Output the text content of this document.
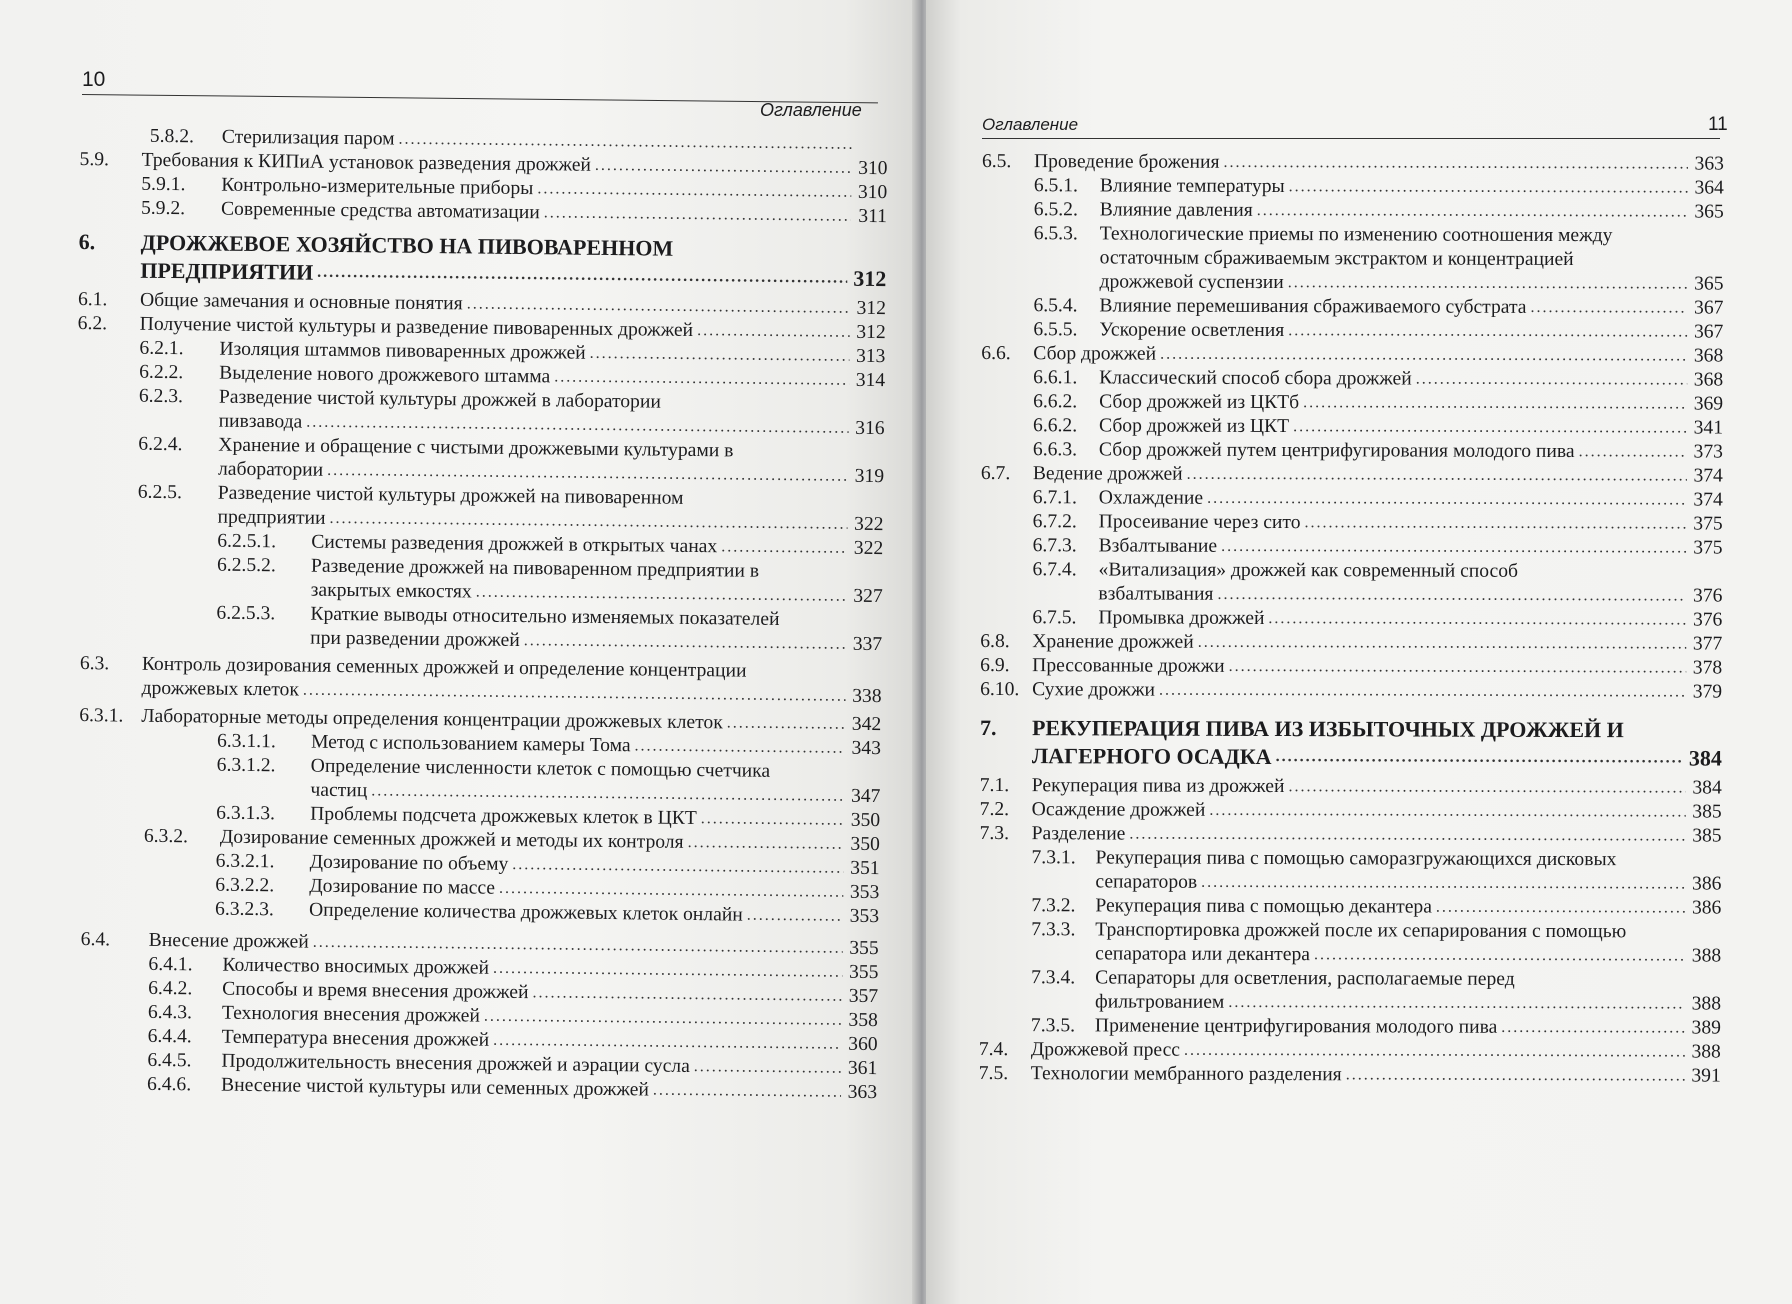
10
Оглавление
5.8.2.	Стерилизация паром . . .
5.9.	Требования к КИПиА установок разведения дрожжей . . .	310
5.9.1.	Контрольно-измерительные приборы . . .	310
5.9.2.	Современные средства автоматизации . . .	311
6.	ДРОЖЖЕВОЕ ХОЗЯЙСТВО НА ПИВОВАРЕННОМ ПРЕДПРИЯТИИ . . .	312
6.1.	Общие замечания и основные понятия . . .	312
6.2.	Получение чистой культуры и разведение пивоваренных дрожжей . . .	312
6.2.1.	Изоляция штаммов пивоваренных дрожжей . . .	313
6.2.2.	Выделение нового дрожжевого штамма . . .	314
6.2.3.	Разведение чистой культуры дрожжей в лаборатории пивзавода . . .	316
6.2.4.	Хранение и обращение с чистыми дрожжевыми культурами в лаборатории . . .	319
6.2.5.	Разведение чистой культуры дрожжей на пивоваренном предприятии . . .	322
6.2.5.1.	Системы разведения дрожжей в открытых чанах . . .	322
6.2.5.2.	Разведение дрожжей на пивоваренном предприятии в закрытых емкостях . . .	327
6.2.5.3.	Краткие выводы относительно изменяемых показателей при разведении дрожжей . . .	337
6.3.	Контроль дозирования семенных дрожжей и определение концентрации дрожжевых клеток . . .	338
6.3.1. Лабораторные методы определения концентрации дрожжевых клеток . . .	342
6.3.1.1.	Метод с использованием камеры Тома . . .	343
6.3.1.2.	Определение численности клеток с помощью счетчика частиц . . .	347
6.3.1.3.	Проблемы подсчета дрожжевых клеток в ЦКТ . . .	350
6.3.2.	Дозирование семенных дрожжей и методы их контроля . . .	350
6.3.2.1.	Дозирование по объему . . .	351
6.3.2.2.	Дозирование по массе . . .	353
6.3.2.3.	Определение количества дрожжевых клеток онлайн . . .	353
6.4.	Внесение дрожжей . . .	355
6.4.1.	Количество вносимых дрожжей . . .	355
6.4.2.	Способы и время внесения дрожжей . . .	357
6.4.3.	Технология внесения дрожжей . . .	358
6.4.4.	Температура внесения дрожжей . . .	360
6.4.5.	Продолжительность внесения дрожжей и аэрации сусла . . .	361
6.4.6.	Внесение чистой культуры или семенных дрожжей . . .	363
Оглавление	11
6.5.	Проведение брожения . . .	363
6.5.1.	Влияние температуры . . .	364
6.5.2.	Влияние давления . . .	365
6.5.3.	Технологические приемы по изменению соотношения между остаточным сбраживаемым экстрактом и концентрацией дрожжевой суспензии . . .	365
6.5.4.	Влияние перемешивания сбраживаемого субстрата . . .	367
6.5.5.	Ускорение осветления . . .	367
6.6.	Сбор дрожжей . . .	368
6.6.1.	Классический способ сбора дрожжей . . .	368
6.6.2.	Сбор дрожжей из ЦКТб . . .	369
6.6.2.	Сбор дрожжей из ЦКТ . . .	341
6.6.3.	Сбор дрожжей путем центрифугирования молодого пива . . .	373
6.7.	Ведение дрожжей . . .	374
6.7.1.	Охлаждение . . .	374
6.7.2.	Просеивание через сито . . .	375
6.7.3.	Взбалтывание . . .	375
6.7.4.	«Витализация» дрожжей как современный способ взбалтывания . . .	376
6.7.5.	Промывка дрожжей . . .	376
6.8.	Хранение дрожжей . . .	377
6.9.	Прессованные дрожжи . . .	378
6.10. Сухие дрожжи . . .	379
7.	РЕКУПЕРАЦИЯ ПИВА ИЗ ИЗБЫТОЧНЫХ ДРОЖЖЕЙ И ЛАГЕРНОГО ОСАДКА . . .	384
7.1.	Рекуперация пива из дрожжей . . .	384
7.2.	Осаждение дрожжей . . .	385
7.3.	Разделение . . .	385
7.3.1.	Рекуперация пива с помощью саморазгружающихся дисковых сепараторов . . .	386
7.3.2.	Рекуперация пива с помощью декантера . . .	386
7.3.3.	Транспортировка дрожжей после их сепарирования с помощью сепаратора или декантера . . .	388
7.3.4.	Сепараторы для осветления, располагаемые перед фильтрованием . . .	388
7.3.5.	Применение центрифугирования молодого пива . . .	389
7.4.	Дрожжевой пресс . . .	388
7.5.	Технологии мембранного разделения . . .	391
